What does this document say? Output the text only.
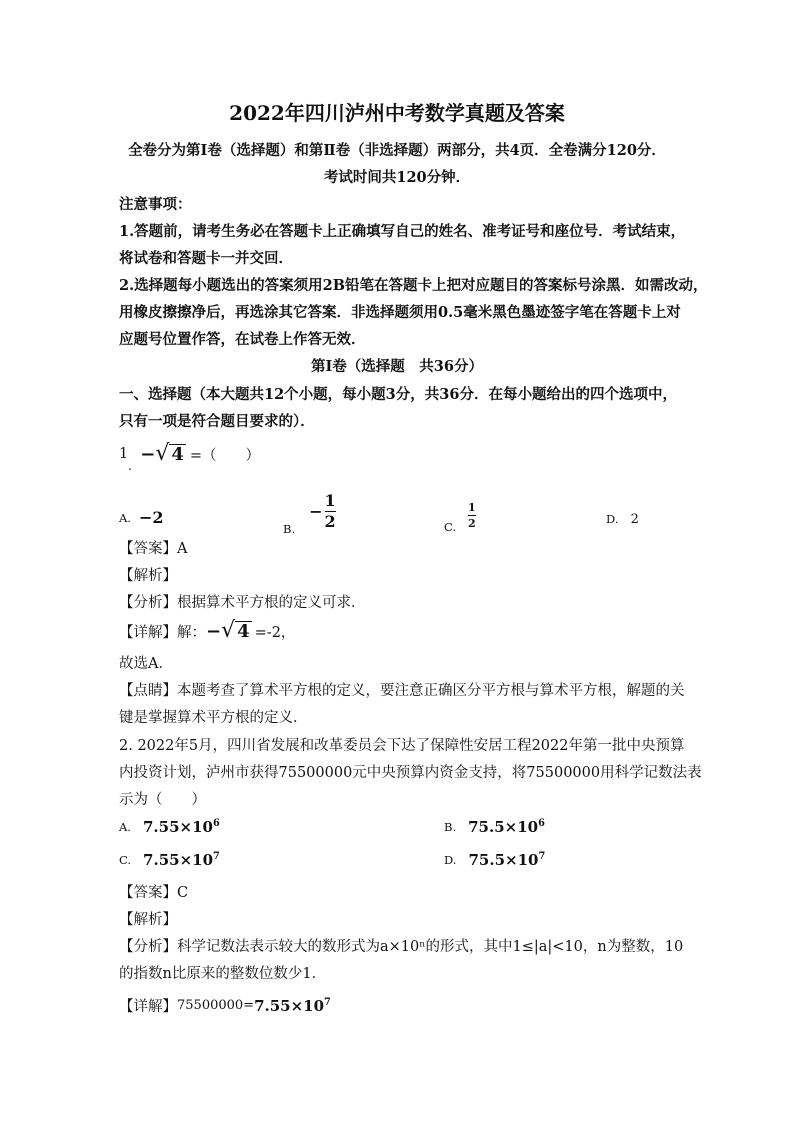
2022年四川泸州中考数学真题及答案
全卷分为第Ⅰ卷（选择题）和第Ⅱ卷（非选择题）两部分，共4页．全卷满分120分．
考试时间共120分钟．
注意事项：
1.答题前，请考生务必在答题卡上正确填写自己的姓名、准考证号和座位号．考试结束，
将试卷和答题卡一并交回．
2.选择题每小题选出的答案须用2B铅笔在答题卡上把对应题目的答案标号涂黑．如需改动，
用橡皮擦擦净后，再选涂其它答案．非选择题须用0.5毫米黑色墨迹签字笔在答题卡上对
应题号位置作答，在试卷上作答无效．
第Ⅰ卷（选择题　共36分）
一、选择题（本大题共12个小题，每小题3分，共36分．在每小题给出的四个选项中，
只有一项是符合题目要求的）．
1 − √ 4 =（　　）
.
A. −2
B.
− $\frac{1}{2}$	C. $\frac{1}{2}$	D. 2
【答案】A
【解析】
【分析】根据算术平方根的定义可求．
【详解】 解： − √ 4 =-2，
故选A．
【点睛】本题考查了算术平方根的定义，要注意正确区分平方根与算术平方根，解题的关
键是掌握算术平方根的定义．
2. 2022年5月，四川省发展和改革委员会下达了保障性安居工程2022年第一批中央预算
内投资计划，泸州市获得75500000元中央预算内资金支持，将75500000用科学记数法表
示为（　　）
A. $7.55\times 10^6$	B. $75.5\times 10^6$
C. $7.55\times 10^7$	D. $75.5\times 10^7$
【答案】C
【解析】
【分析】科学记数法表示较大的数形式为a×10ⁿ的形式，其中1≤|a|<10，n为整数，10
的指数n比原来的整数位数少1．
【详解】 $75500000= 7.55\times 10^7$
